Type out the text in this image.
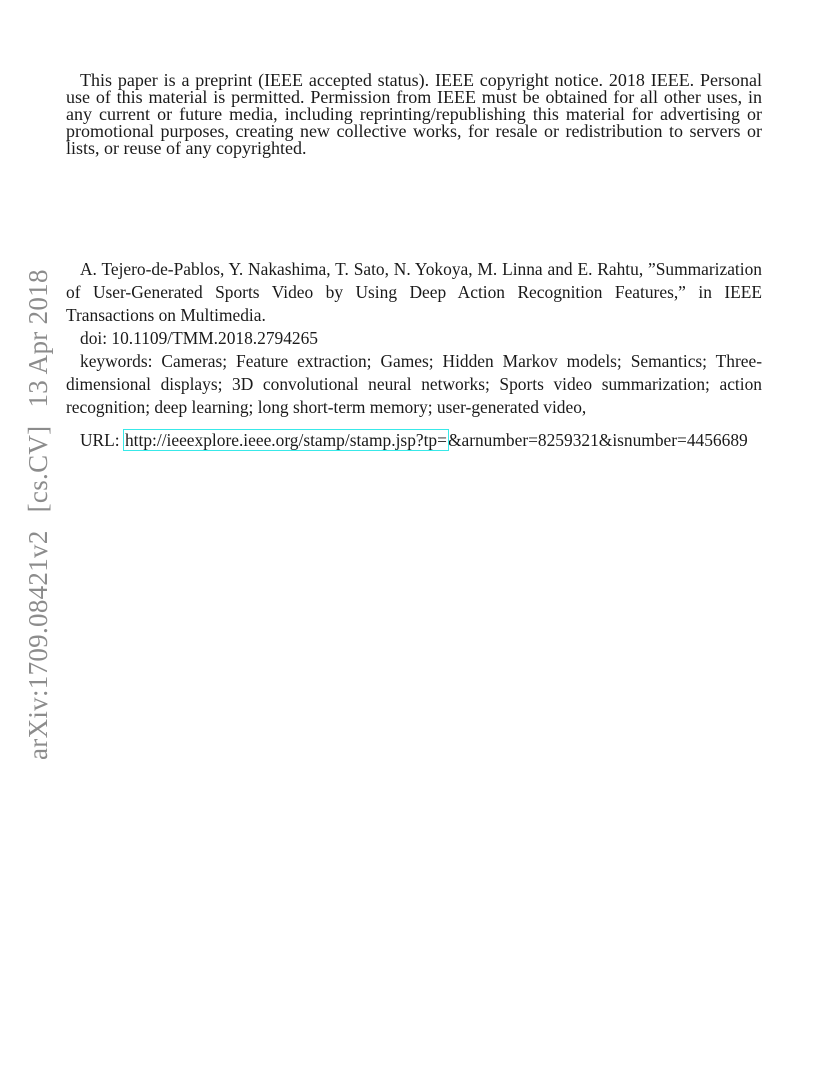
This paper is a preprint (IEEE accepted status). IEEE copyright notice. 2018 IEEE. Personal use of this material is permitted. Permission from IEEE must be obtained for all other uses, in any current or future media, including reprinting/republishing this material for advertising or promotional purposes, creating new collective works, for resale or redistribution to servers or lists, or reuse of any copyrighted.

A. Tejero-de-Pablos, Y. Nakashima, T. Sato, N. Yokoya, M. Linna and E. Rahtu, ”Summarization of User-Generated Sports Video by Using Deep Action Recognition Features,” in IEEE Transactions on Multimedia.

doi: 10.1109/TMM.2018.2794265

keywords: Cameras; Feature extraction; Games; Hidden Markov models; Semantics; Three-dimensional displays; 3D convolutional neural networks; Sports video summarization; action recognition; deep learning; long short-term memory; user-generated video,

URL: http://ieeexplore.ieee.org/stamp/stamp.jsp?tp=&arnumber=8259321&isnumber=4456689
arXiv:1709.08421v2[cs.CV]13 Apr 2018
